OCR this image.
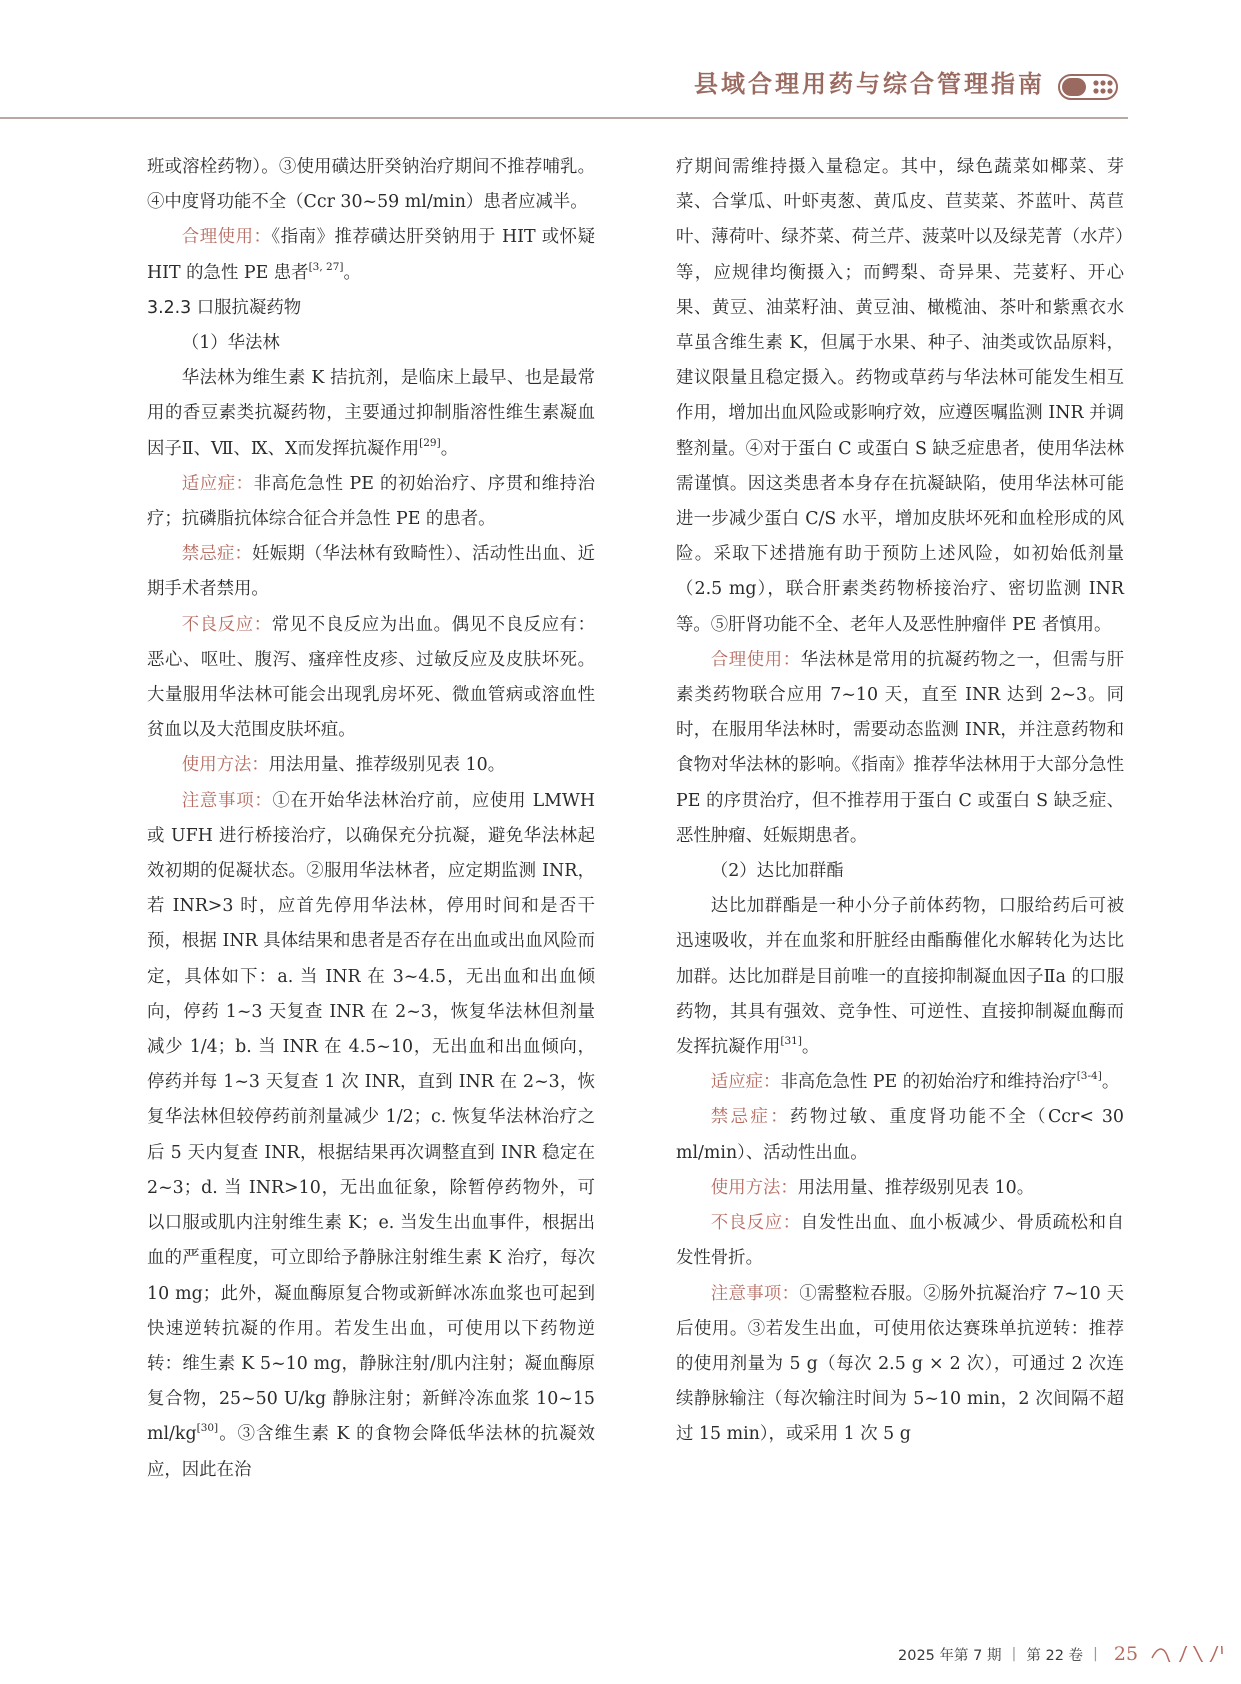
县域合理用药与综合管理指南

班或溶栓药物）。③使用磺达肝癸钠治疗期间不推荐哺乳。④中度肾功能不全（Ccr 30~59 ml/min）患者应减半。

合理使用：《指南》推荐磺达肝癸钠用于 HIT 或怀疑 HIT 的急性 PE 患者[3, 27]。

3.2.3 口服抗凝药物

（1）华法林

华法林为维生素 K 拮抗剂，是临床上最早、也是最常用的香豆素类抗凝药物，主要通过抑制脂溶性维生素凝血因子Ⅱ、Ⅶ、Ⅸ、Ⅹ而发挥抗凝作用[29]。

适应症：非高危急性 PE 的初始治疗、序贯和维持治疗；抗磷脂抗体综合征合并急性 PE 的患者。

禁忌症：妊娠期（华法林有致畸性）、活动性出血、近期手术者禁用。

不良反应：常见不良反应为出血。偶见不良反应有：恶心、呕吐、腹泻、瘙痒性皮疹、过敏反应及皮肤坏死。大量服用华法林可能会出现乳房坏死、微血管病或溶血性贫血以及大范围皮肤坏疽。

使用方法：用法用量、推荐级别见表 10。

注意事项：①在开始华法林治疗前，应使用 LMWH 或 UFH 进行桥接治疗，以确保充分抗凝，避免华法林起效初期的促凝状态。②服用华法林者，应定期监测 INR，若 INR>3 时，应首先停用华法林，停用时间和是否干预，根据 INR 具体结果和患者是否存在出血或出血风险而定，具体如下：a. 当 INR 在 3~4.5，无出血和出血倾向，停药 1~3 天复查 INR 在 2~3，恢复华法林但剂量减少 1/4；b. 当 INR 在 4.5~10，无出血和出血倾向，停药并每 1~3 天复查 1 次 INR，直到 INR 在 2~3，恢复华法林但较停药前剂量减少 1/2；c. 恢复华法林治疗之后 5 天内复查 INR，根据结果再次调整直到 INR 稳定在 2~3；d. 当 INR>10，无出血征象，除暂停药物外，可以口服或肌内注射维生素 K；e. 当发生出血事件，根据出血的严重程度，可立即给予静脉注射维生素 K 治疗，每次 10 mg；此外，凝血酶原复合物或新鲜冰冻血浆也可起到快速逆转抗凝的作用。若发生出血，可使用以下药物逆转：维生素 K 5~10 mg，静脉注射/肌内注射；凝血酶原复合物，25~50 U/kg 静脉注射；新鲜冷冻血浆 10~15 ml/kg[30]。③含维生素 K 的食物会降低华法林的抗凝效应，因此在治

疗期间需维持摄入量稳定。其中，绿色蔬菜如椰菜、芽菜、合掌瓜、叶虾夷葱、黄瓜皮、苣荬菜、芥蓝叶、莴苣叶、薄荷叶、绿芥菜、荷兰芹、菠菜叶以及绿芜菁（水芹）等，应规律均衡摄入；而鳄梨、奇异果、芫荽籽、开心果、黄豆、油菜籽油、黄豆油、橄榄油、茶叶和紫熏衣水草虽含维生素 K，但属于水果、种子、油类或饮品原料，建议限量且稳定摄入。药物或草药与华法林可能发生相互作用，增加出血风险或影响疗效，应遵医嘱监测 INR 并调整剂量。④对于蛋白 C 或蛋白 S 缺乏症患者，使用华法林需谨慎。因这类患者本身存在抗凝缺陷，使用华法林可能进一步减少蛋白 C/S 水平，增加皮肤坏死和血栓形成的风险。采取下述措施有助于预防上述风险，如初始低剂量（2.5 mg），联合肝素类药物桥接治疗、密切监测 INR 等。⑤肝肾功能不全、老年人及恶性肿瘤伴 PE 者慎用。

合理使用：华法林是常用的抗凝药物之一，但需与肝素类药物联合应用 7~10 天，直至 INR 达到 2~3。同时，在服用华法林时，需要动态监测 INR，并注意药物和食物对华法林的影响。《指南》推荐华法林用于大部分急性 PE 的序贯治疗，但不推荐用于蛋白 C 或蛋白 S 缺乏症、恶性肿瘤、妊娠期患者。

（2）达比加群酯

达比加群酯是一种小分子前体药物，口服给药后可被迅速吸收，并在血浆和肝脏经由酯酶催化水解转化为达比加群。达比加群是目前唯一的直接抑制凝血因子Ⅱa 的口服药物，其具有强效、竞争性、可逆性、直接抑制凝血酶而发挥抗凝作用[31]。

适应症：非高危急性 PE 的初始治疗和维持治疗[3-4]。

禁忌症：药物过敏、重度肾功能不全（Ccr< 30 ml/min）、活动性出血。

使用方法：用法用量、推荐级别见表 10。

不良反应：自发性出血、血小板减少、骨质疏松和自发性骨折。

注意事项：①需整粒吞服。②肠外抗凝治疗 7~10 天后使用。③若发生出血，可使用依达赛珠单抗逆转：推荐的使用剂量为 5 g（每次 2.5 g × 2 次），可通过 2 次连续静脉输注（每次输注时间为 5~10 min，2 次间隔不超过 15 min），或采用 1 次 5 g

2025 年第 7 期 | 第 22 卷 | 25
